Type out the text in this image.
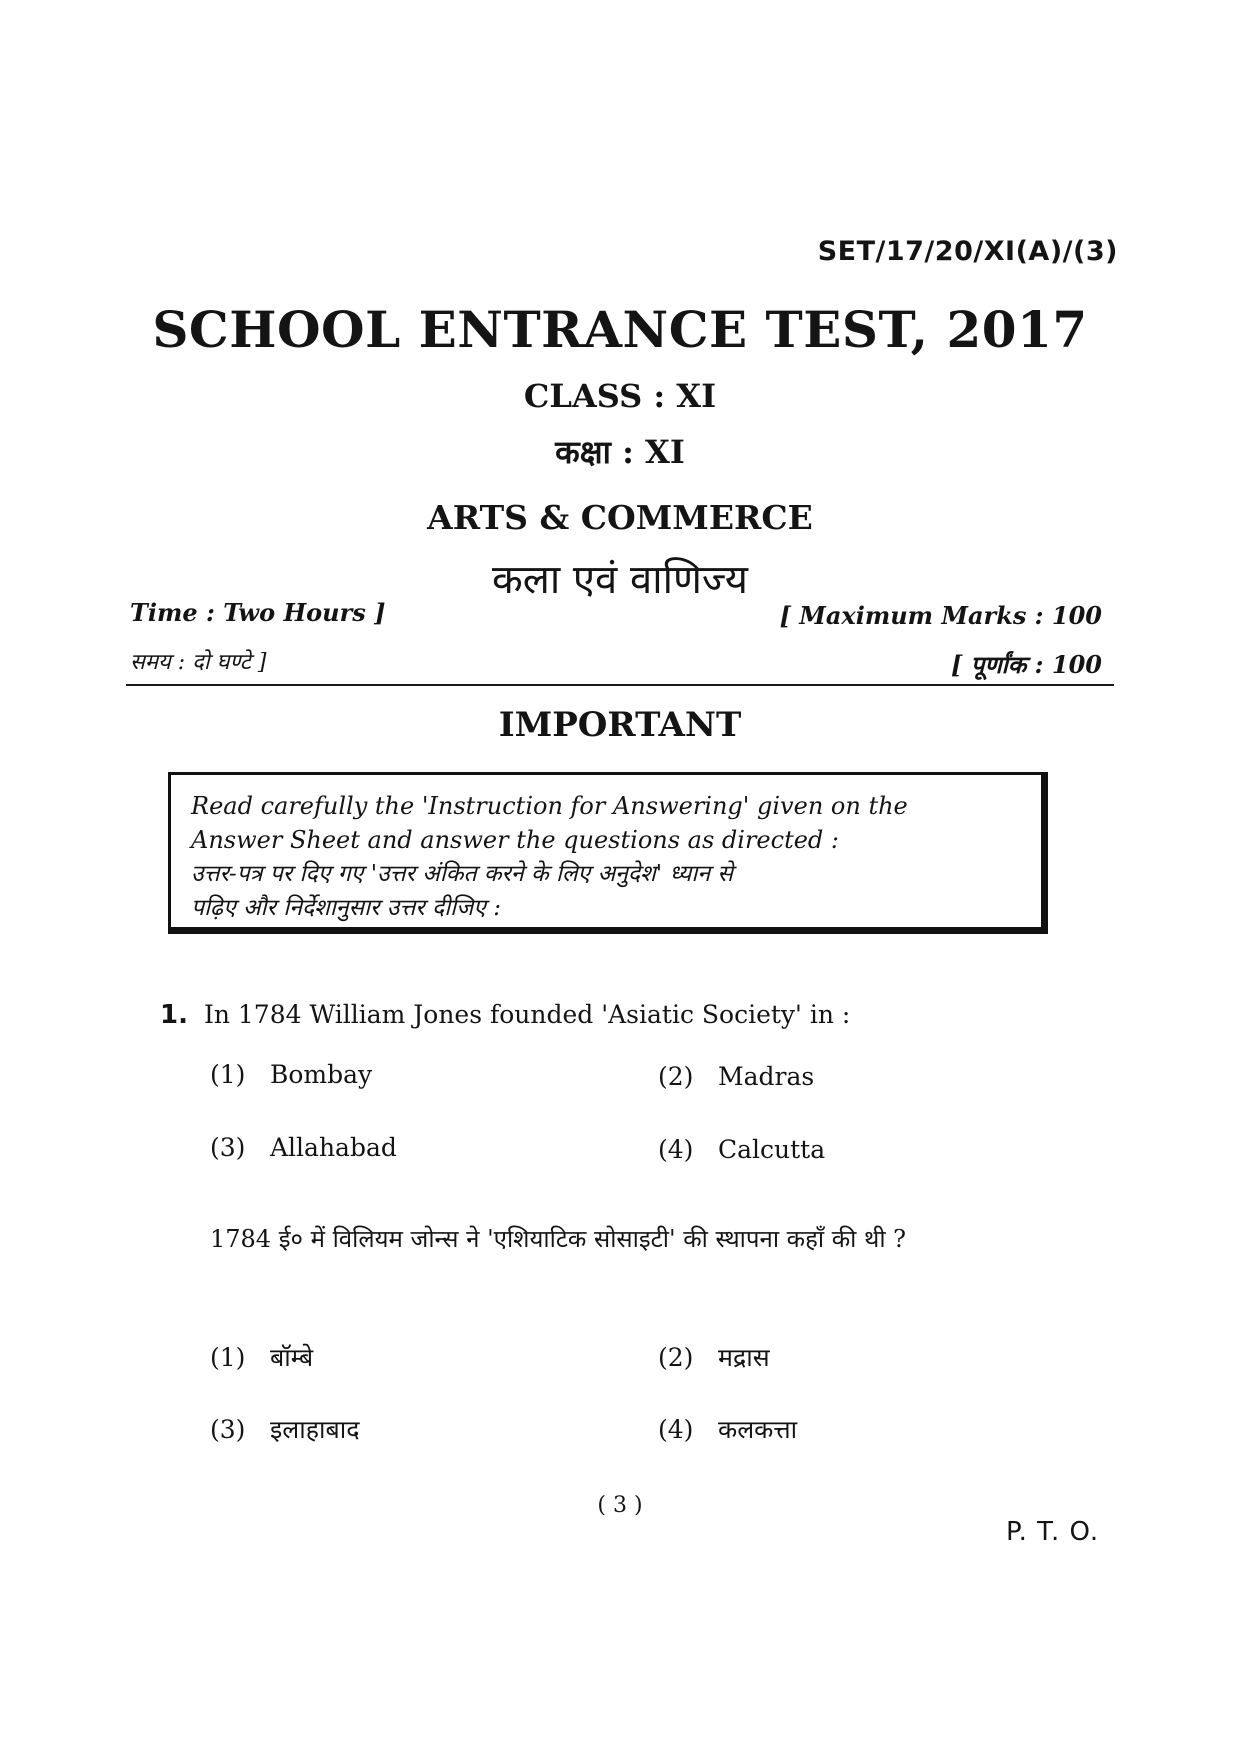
SET/17/20/XI(A)/(3)
SCHOOL ENTRANCE TEST, 2017
CLASS : XI
कक्षा : XI
ARTS & COMMERCE
कला एवं वाणिज्य
Time : Two Hours ]
समय : दो घण्टे ]
[ Maximum Marks : 100
[ पूर्णांक : 100
IMPORTANT
Read carefully the 'Instruction for Answering' given on the
Answer Sheet and answer the questions as directed :
उत्तर-पत्र पर दिए गए 'उत्तर अंकित करने के लिए अनुदेश' ध्यान से
पढ़िए और निर्देशानुसार उत्तर दीजिए :
1. In 1784 William Jones founded 'Asiatic Society' in :
(1) Bombay	(2) Madras
(3) Allahabad	(4) Calcutta
1784 ई० में विलियम जोन्स ने 'एशियाटिक सोसाइटी' की स्थापना कहाँ की थी ?
(1) बॉम्बे	(2) मद्रास
(3) इलाहाबाद	(4) कलकत्ता
( 3 )
P. T. O.
